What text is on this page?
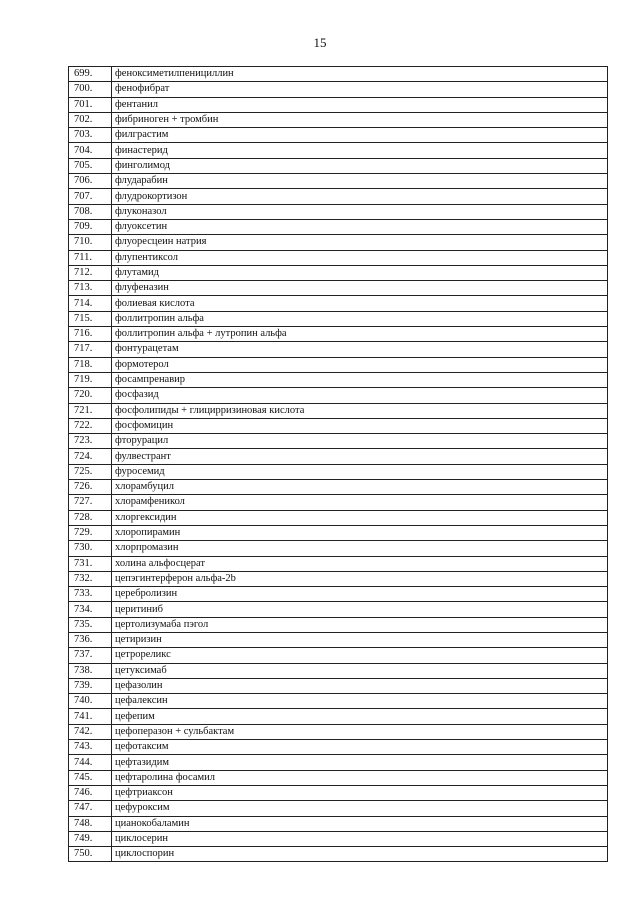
15
699.	феноксиметилпенициллин
700.	фенофибрат
701.	фентанил
702.	фибриноген + тромбин
703.	филграстим
704.	финастерид
705.	финголимод
706.	флударабин
707.	флудрокортизон
708.	флуконазол
709.	флуоксетин
710.	флуоресцеин натрия
711.	флупентиксол
712.	флутамид
713.	флуфеназин
714.	фолиевая кислота
715.	фоллитропин альфа
716.	фоллитропин альфа + лутропин альфа
717.	фонтурацетам
718.	формотерол
719.	фосампренавир
720.	фосфазид
721.	фосфолипиды + глицирризиновая кислота
722.	фосфомицин
723.	фторурацил
724.	фулвестрант
725.	фуросемид
726.	хлорамбуцил
727.	хлорамфеникол
728.	хлоргексидин
729.	хлоропирамин
730.	хлорпромазин
731.	холина альфосцерат
732.	цепэгинтерферон альфа-2b
733.	церебролизин
734.	церитиниб
735.	цертолизумаба пэгол
736.	цетиризин
737.	цетрореликс
738.	цетуксимаб
739.	цефазолин
740.	цефалексин
741.	цефепим
742.	цефоперазон + сульбактам
743.	цефотаксим
744.	цефтазидим
745.	цефтаролина фосамил
746.	цефтриаксон
747.	цефуроксим
748.	цианокобаламин
749.	циклосерин
750.	циклоспорин
